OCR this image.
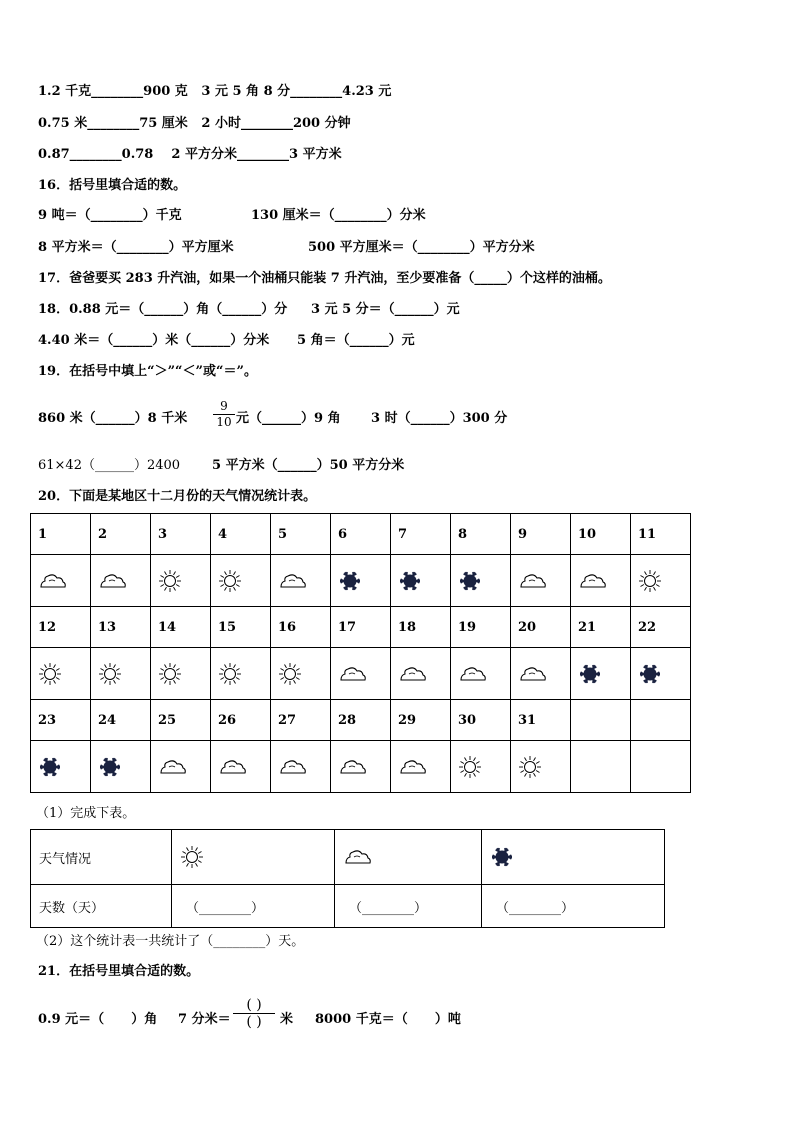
1.2 千克________900 克   3 元 5 角 8 分________4.23 元
0.75 米________75 厘米   2 小时________200 分钟
0.87________0.78    2 平方分米________3 平方米
16．括号里填合适的数。
9 吨＝（________）千克	130 厘米＝（________）分米
8 平方米＝（________）平方厘米	500 平方厘米＝（________）平方分米
17．爸爸要买 283 升汽油，如果一个油桶只能装 7 升汽油，至少要准备（_____）个这样的油桶。
18．0.88 元＝（______）角（______）分 3 元 5 分＝（______）元
4.40 米＝（______）米（______）分米 5 角＝（______）元
19．在括号中填上“＞”“＜”或“＝”。
860 米（______）8 千米
9
10 元（______）9 角 3 时（______）300 分
61×42（______）2400 5 平方米（______）50 平方分米
20．下面是某地区十二月份的天气情况统计表。
1	2	3	4	5	6	7	8	9	10	11

12	13	14	15	16	17	18	19	20	21	22

23	24	25	26	27	28	29	30	31		

（1）完成下表。
天气情况	

天数（天）	（________）	（________）	（________）
（2）这个统计表一共统计了（________）天。
21．在括号里填合适的数。
0.9 元＝（      ）角 7 分米＝
( )
( )	米 8000 千克＝（      ）吨
